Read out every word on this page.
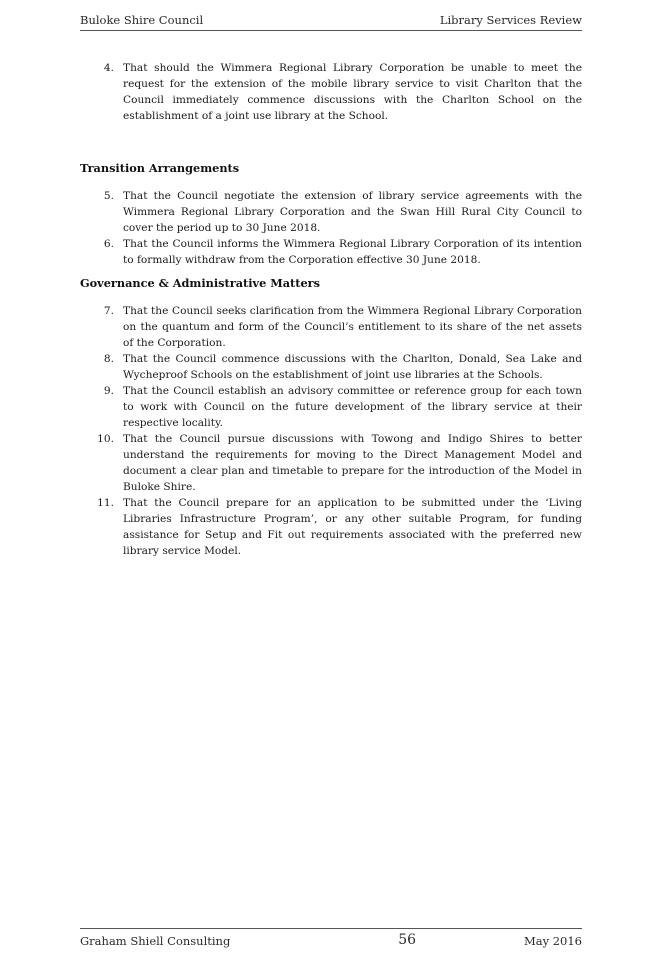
Buloke Shire Council	Library Services Review
4. That should the Wimmera Regional Library Corporation be unable to meet the request for the extension of the mobile library service to visit Charlton that the Council immediately commence discussions with the Charlton School on the establishment of a joint use library at the School.
Transition Arrangements
5. That the Council negotiate the extension of library service agreements with the Wimmera Regional Library Corporation and the Swan Hill Rural City Council to cover the period up to 30 June 2018.
6. That the Council informs the Wimmera Regional Library Corporation of its intention to formally withdraw from the Corporation effective 30 June 2018.
Governance & Administrative Matters
7. That the Council seeks clarification from the Wimmera Regional Library Corporation on the quantum and form of the Council’s entitlement to its share of the net assets of the Corporation.
8. That the Council commence discussions with the Charlton, Donald, Sea Lake and Wycheproof Schools on the establishment of joint use libraries at the Schools.
9. That the Council establish an advisory committee or reference group for each town to work with Council on the future development of the library service at their respective locality.
10. That the Council pursue discussions with Towong and Indigo Shires to better understand the requirements for moving to the Direct Management Model and document a clear plan and timetable to prepare for the introduction of the Model in Buloke Shire.
11. That the Council prepare for an application to be submitted under the ‘Living Libraries Infrastructure Program’, or any other suitable Program, for funding assistance for Setup and Fit out requirements associated with the preferred new library service Model.
Graham Shiell Consulting	56	May 2016
